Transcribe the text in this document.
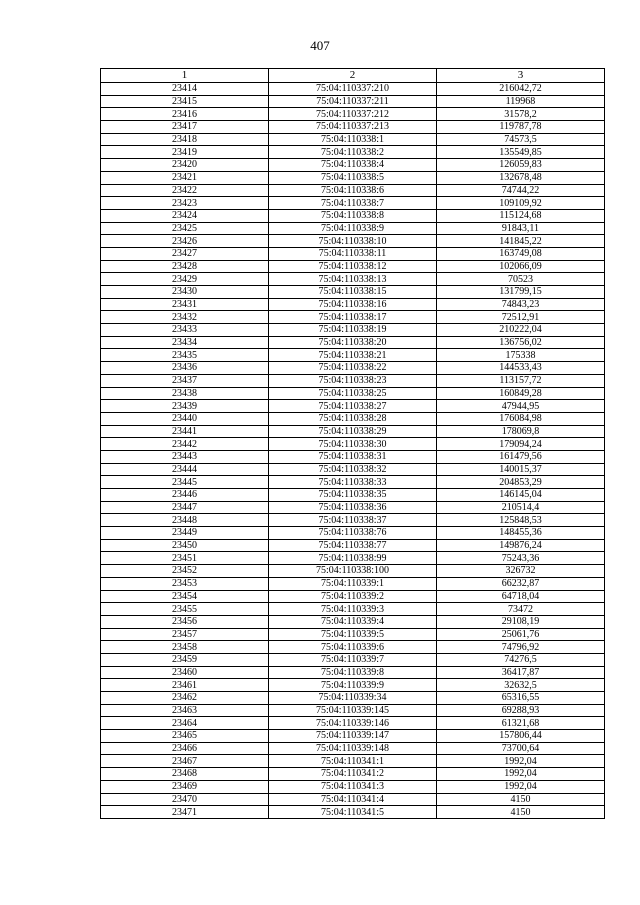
407
1	2	3
23414	75:04:110337:210	216042,72
23415	75:04:110337:211	119968
23416	75:04:110337:212	31578,2
23417	75:04:110337:213	119787,78
23418	75:04:110338:1	74573,5
23419	75:04:110338:2	135549,85
23420	75:04:110338:4	126059,83
23421	75:04:110338:5	132678,48
23422	75:04:110338:6	74744,22
23423	75:04:110338:7	109109,92
23424	75:04:110338:8	115124,68
23425	75:04:110338:9	91843,11
23426	75:04:110338:10	141845,22
23427	75:04:110338:11	163749,08
23428	75:04:110338:12	102066,09
23429	75:04:110338:13	70523
23430	75:04:110338:15	131799,15
23431	75:04:110338:16	74843,23
23432	75:04:110338:17	72512,91
23433	75:04:110338:19	210222,04
23434	75:04:110338:20	136756,02
23435	75:04:110338:21	175338
23436	75:04:110338:22	144533,43
23437	75:04:110338:23	113157,72
23438	75:04:110338:25	160849,28
23439	75:04:110338:27	47944,95
23440	75:04:110338:28	176084,98
23441	75:04:110338:29	178069,8
23442	75:04:110338:30	179094,24
23443	75:04:110338:31	161479,56
23444	75:04:110338:32	140015,37
23445	75:04:110338:33	204853,29
23446	75:04:110338:35	146145,04
23447	75:04:110338:36	210514,4
23448	75:04:110338:37	125848,53
23449	75:04:110338:76	148455,36
23450	75:04:110338:77	149876,24
23451	75:04:110338:99	75243,36
23452	75:04:110338:100	326732
23453	75:04:110339:1	66232,87
23454	75:04:110339:2	64718,04
23455	75:04:110339:3	73472
23456	75:04:110339:4	29108,19
23457	75:04:110339:5	25061,76
23458	75:04:110339:6	74796,92
23459	75:04:110339:7	74276,5
23460	75:04:110339:8	36417,87
23461	75:04:110339:9	32632,5
23462	75:04:110339:34	65316,55
23463	75:04:110339:145	69288,93
23464	75:04:110339:146	61321,68
23465	75:04:110339:147	157806,44
23466	75:04:110339:148	73700,64
23467	75:04:110341:1	1992,04
23468	75:04:110341:2	1992,04
23469	75:04:110341:3	1992,04
23470	75:04:110341:4	4150
23471	75:04:110341:5	4150
